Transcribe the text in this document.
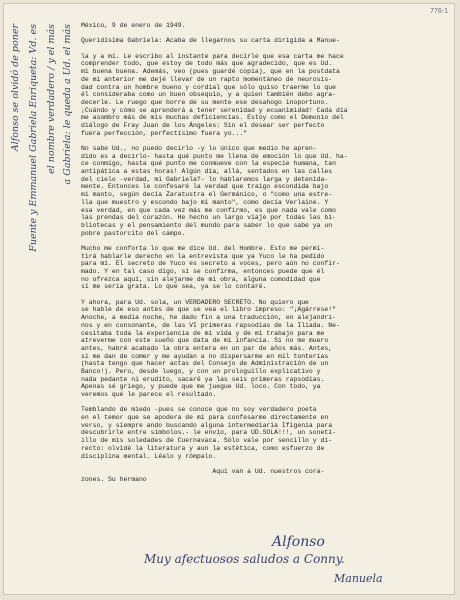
776-1
Alfonso se olvidó de poner Fuente y Emmanuel Gabriela Enriqueta: Vd. es el nombre verdadero / y el más a Gabriela: le queda a Ud. el más México, 9 de enero de 1949.
Queridísima Gabriela: Acaba de llegarnos su carta dirigida a Manue-
la y a mí. Le escribo al instante para decirle que esa carta me hace
comprender todo, que estoy de todo más que agradecido, que es Ud.
mi buena buena. Además, veo (pues guardé copia), que en la postdata
de mi anterior me dejé llevar de un rapto momentáneo de neurosis-
dad contra un hombre bueno y cordial que sólo quiso traerme lo que
él consideraba como un buen obsequio, y a quien también debo agra-
decerle. Le ruego que borre de su mente ese desahogo inoportuno.
¡Cuándo y cómo se aprenderá a tener serenidad y ecuanimidad! Cada día
me asombro más de mis muchas deficiencias. Estoy como el Demonio del
diálogo de Fray Juan de los Ángeles: Sin el desear ser perfecto
fuera perfección, perfectísimo fuera yo..."
No sabe Ud., no puedo decirlo -y lo único que medio he apren-
dido es a decirlo- hasta qué punto me llena de emoción lo que Ud. ha-
ce conmigo, hasta qué punto me conmueve con la especie humana, tan
antipática a estas horas! Algún día, allá, sentados en las calles
del cielo -verdad, mi Gabriela?- lo hablaremos larga y detenida-
mente. Entonces le confesaré la verdad que traigo escondida bajo
mi manto, según decía Zaratustra el Germánico, o "como una estre-
lla que muestro y escondo bajo mi manto", como decía Verlaine. Y
esa verdad, en que cada vez más me confirmo, es que nada vale como
las prendas del corazón. He hecho un largo viaje por todas las bi-
bliotecas y el pensamiento del mundo para saber lo que sabe ya un
pobre pastorcito del campo.
Mucho me conforta lo que me dice Ud. del Hombre. Esto me permi-
tirá hablarle derecho en la entrevista que ya Yuco le ha pedido
para mí. El secreto de Yuco es secreto a voces, pero aún no confir-
mado. Y en tal caso digo, si se confirma, entonces puede que él
no ofrezca aquí, sin alejarme de mi obra, alguna comodidad que
sí me sería grata. Lo que sea, ya se lo contaré.
Y ahora, para Ud. sola, un VERDADERO SECRETO. No quiero que
se hable de eso antes de que se vea el libro impreso: "¡Agárrese!"
Anoche, a media noche, he dado fin a una traducción, en alejandri-
nos y en consonante, de las VI primeras rapsodias de la Ilíada. Ne-
cesitaba toda la experiencia de mi vida y de mi trabajo para me
atreverme con este sueño que data de mi infancia. Si no me muero
antes, habré acabado la obra entera en un par de años más. Antes,
si me dan de comer y me ayudan a no dispersarme en mil tonterías
(hasta tengo que hacer actas del Consejo de Administración de un
Banco!). Pero, desde luego, y con un prologuillo explicativo y
nada pedante ni erudito, sacaré ya las seis primeras rapsodias.
Apenas sé griego, y puede que me juegue Ud. loco. Con todo, ya
veremos qué le parece el resultado.
Temblando de miedo -pues se conoce que no soy verdadero poeta
en el temor que se apodera de mí para confesarme directamente en
verso, y siempre ando buscando alguna intermediaria Ifigenia para
descubrirle entre símbolos.- le envío, para UD.SOLA!!!, un sonetí-
illo de mis soledades de Cuernavaca. Sólo vale por sencillo y di-
recto: olvidé la literatura y aun la estética, como esfuerzo de
disciplina mental. Léalo y rómpalo.
Aquí van a Ud. nuestros cora-
zones. Su hermano
Alfonso
Muy afectuosos saludos a Conny.
Manuela
